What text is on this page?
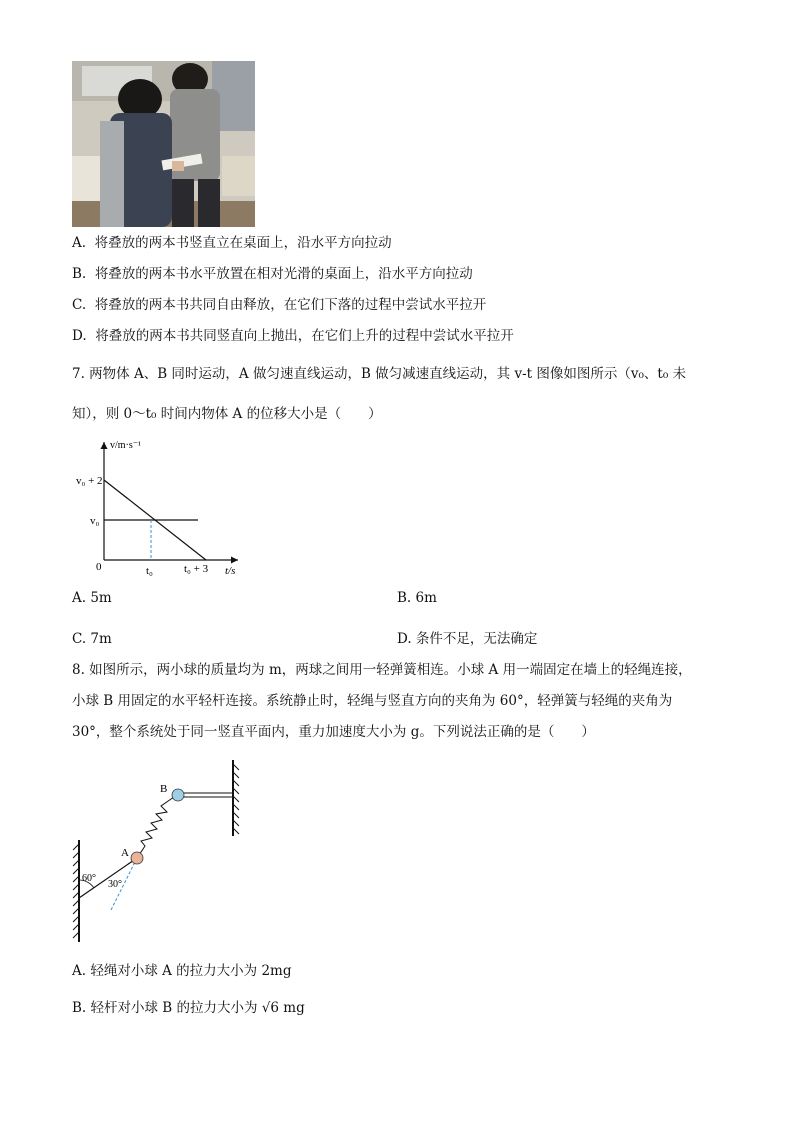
A. 将叠放的两本书竖直立在桌面上，沿水平方向拉动
B. 将叠放的两本书水平放置在相对光滑的桌面上，沿水平方向拉动
C. 将叠放的两本书共同自由释放，在它们下落的过程中尝试水平拉开
D. 将叠放的两本书共同竖直向上抛出，在它们上升的过程中尝试水平拉开
7. 两物体 A、B 同时运动，A 做匀速直线运动，B 做匀减速直线运动，其 v-t 图像如图所示（v₀、t₀ 未
知），则 0～t₀ 时间内物体 A 的位移大小是（　　）
v/m·s⁻¹
v₀ + 2
v₀
0	t₀	t₀ + 3 t/s
A. 5m	B. 6m
C. 7m	D. 条件不足，无法确定
8. 如图所示，两小球的质量均为 m，两球之间用一轻弹簧相连。小球 A 用一端固定在墙上的轻绳连接，
小球 B 用固定的水平轻杆连接。系统静止时，轻绳与竖直方向的夹角为 60°，轻弹簧与轻绳的夹角为
30°，整个系统处于同一竖直平面内，重力加速度大小为 g。下列说法正确的是（　　）
A
B
60°
30°
A. 轻绳对小球 A 的拉力大小为 2mg
B. 轻杆对小球 B 的拉力大小为 √6 mg
